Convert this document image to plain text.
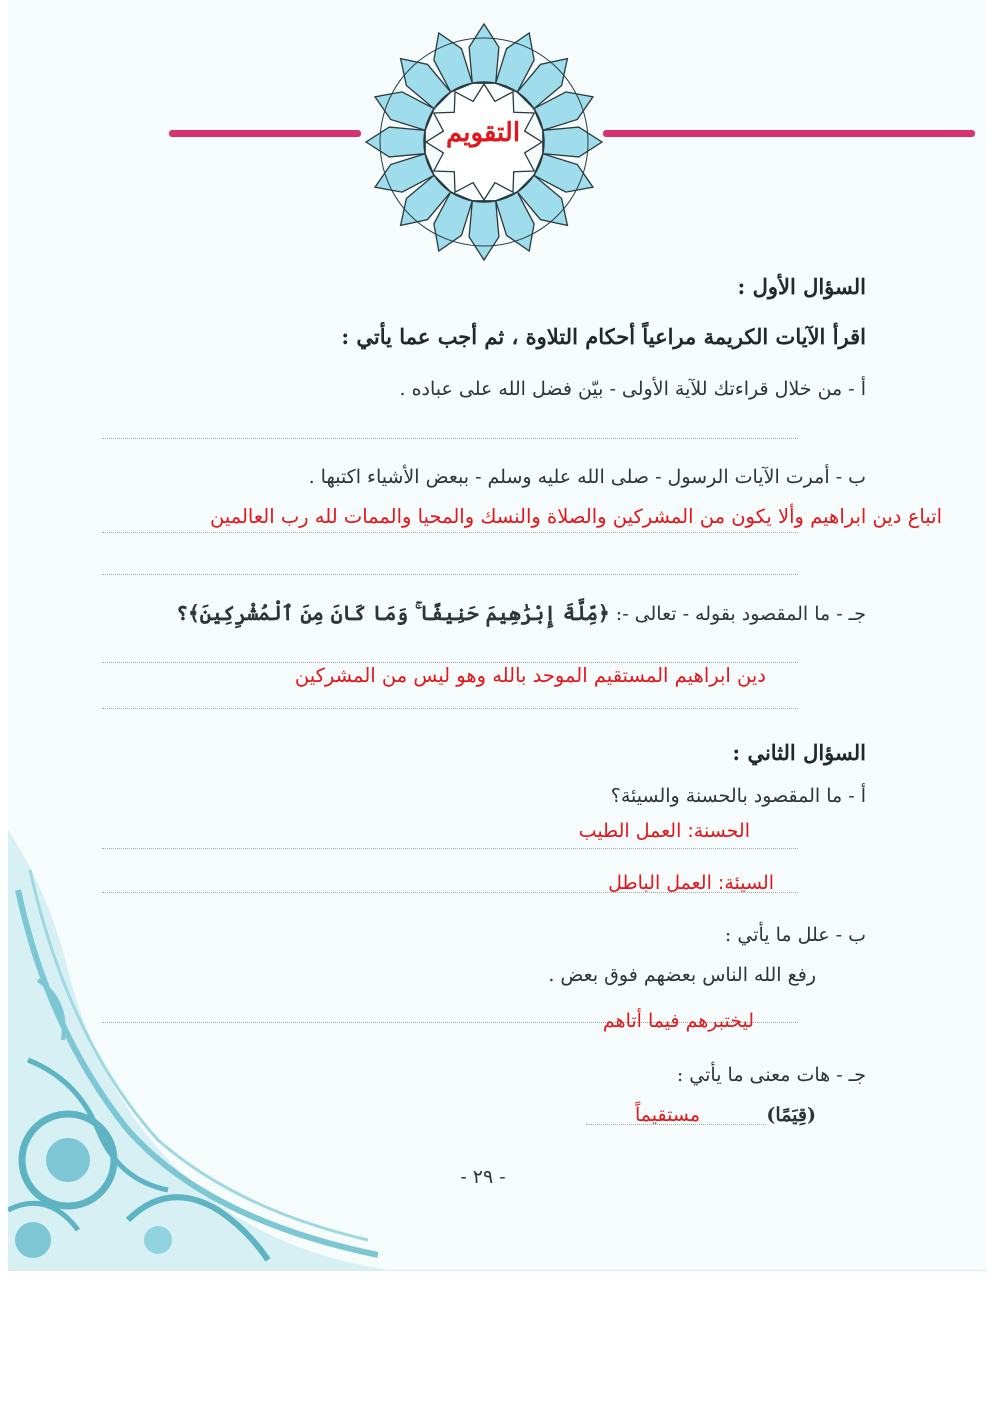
التقويم
السؤال الأول :
اقرأ الآيات الكريمة مراعياً أحكام التلاوة ، ثم أجب عما يأتي :
أ - من خلال قراءتك للآية الأولى - بيّن فضل الله على عباده .
ب - أمرت الآيات الرسول - صلى الله عليه وسلم - ببعض الأشياء اكتبها .
اتباع دين ابراهيم وألا يكون من المشركين والصلاة والنسك والمحيا والممات لله رب العالمين
جـ - ما المقصود بقوله - تعالى -: ﴿مِّلَّةَ إِبْرَٰهِيمَ حَنِيفًا ۚ وَمَا كَانَ مِنَ ٱلْمُشْرِكِينَ﴾؟
دين ابراهيم المستقيم الموحد بالله وهو ليس من المشركين
السؤال الثاني :
أ - ما المقصود بالحسنة والسيئة؟
الحسنة: العمل الطيب
السيئة: العمل الباطل
ب - علل ما يأتي :
رفع الله الناس بعضهم فوق بعض .
ليختبرهم فيما أتاهم
جـ - هات معنى ما يأتي :
(قِيَمًا)
مستقيماً
- ٢٩ -
